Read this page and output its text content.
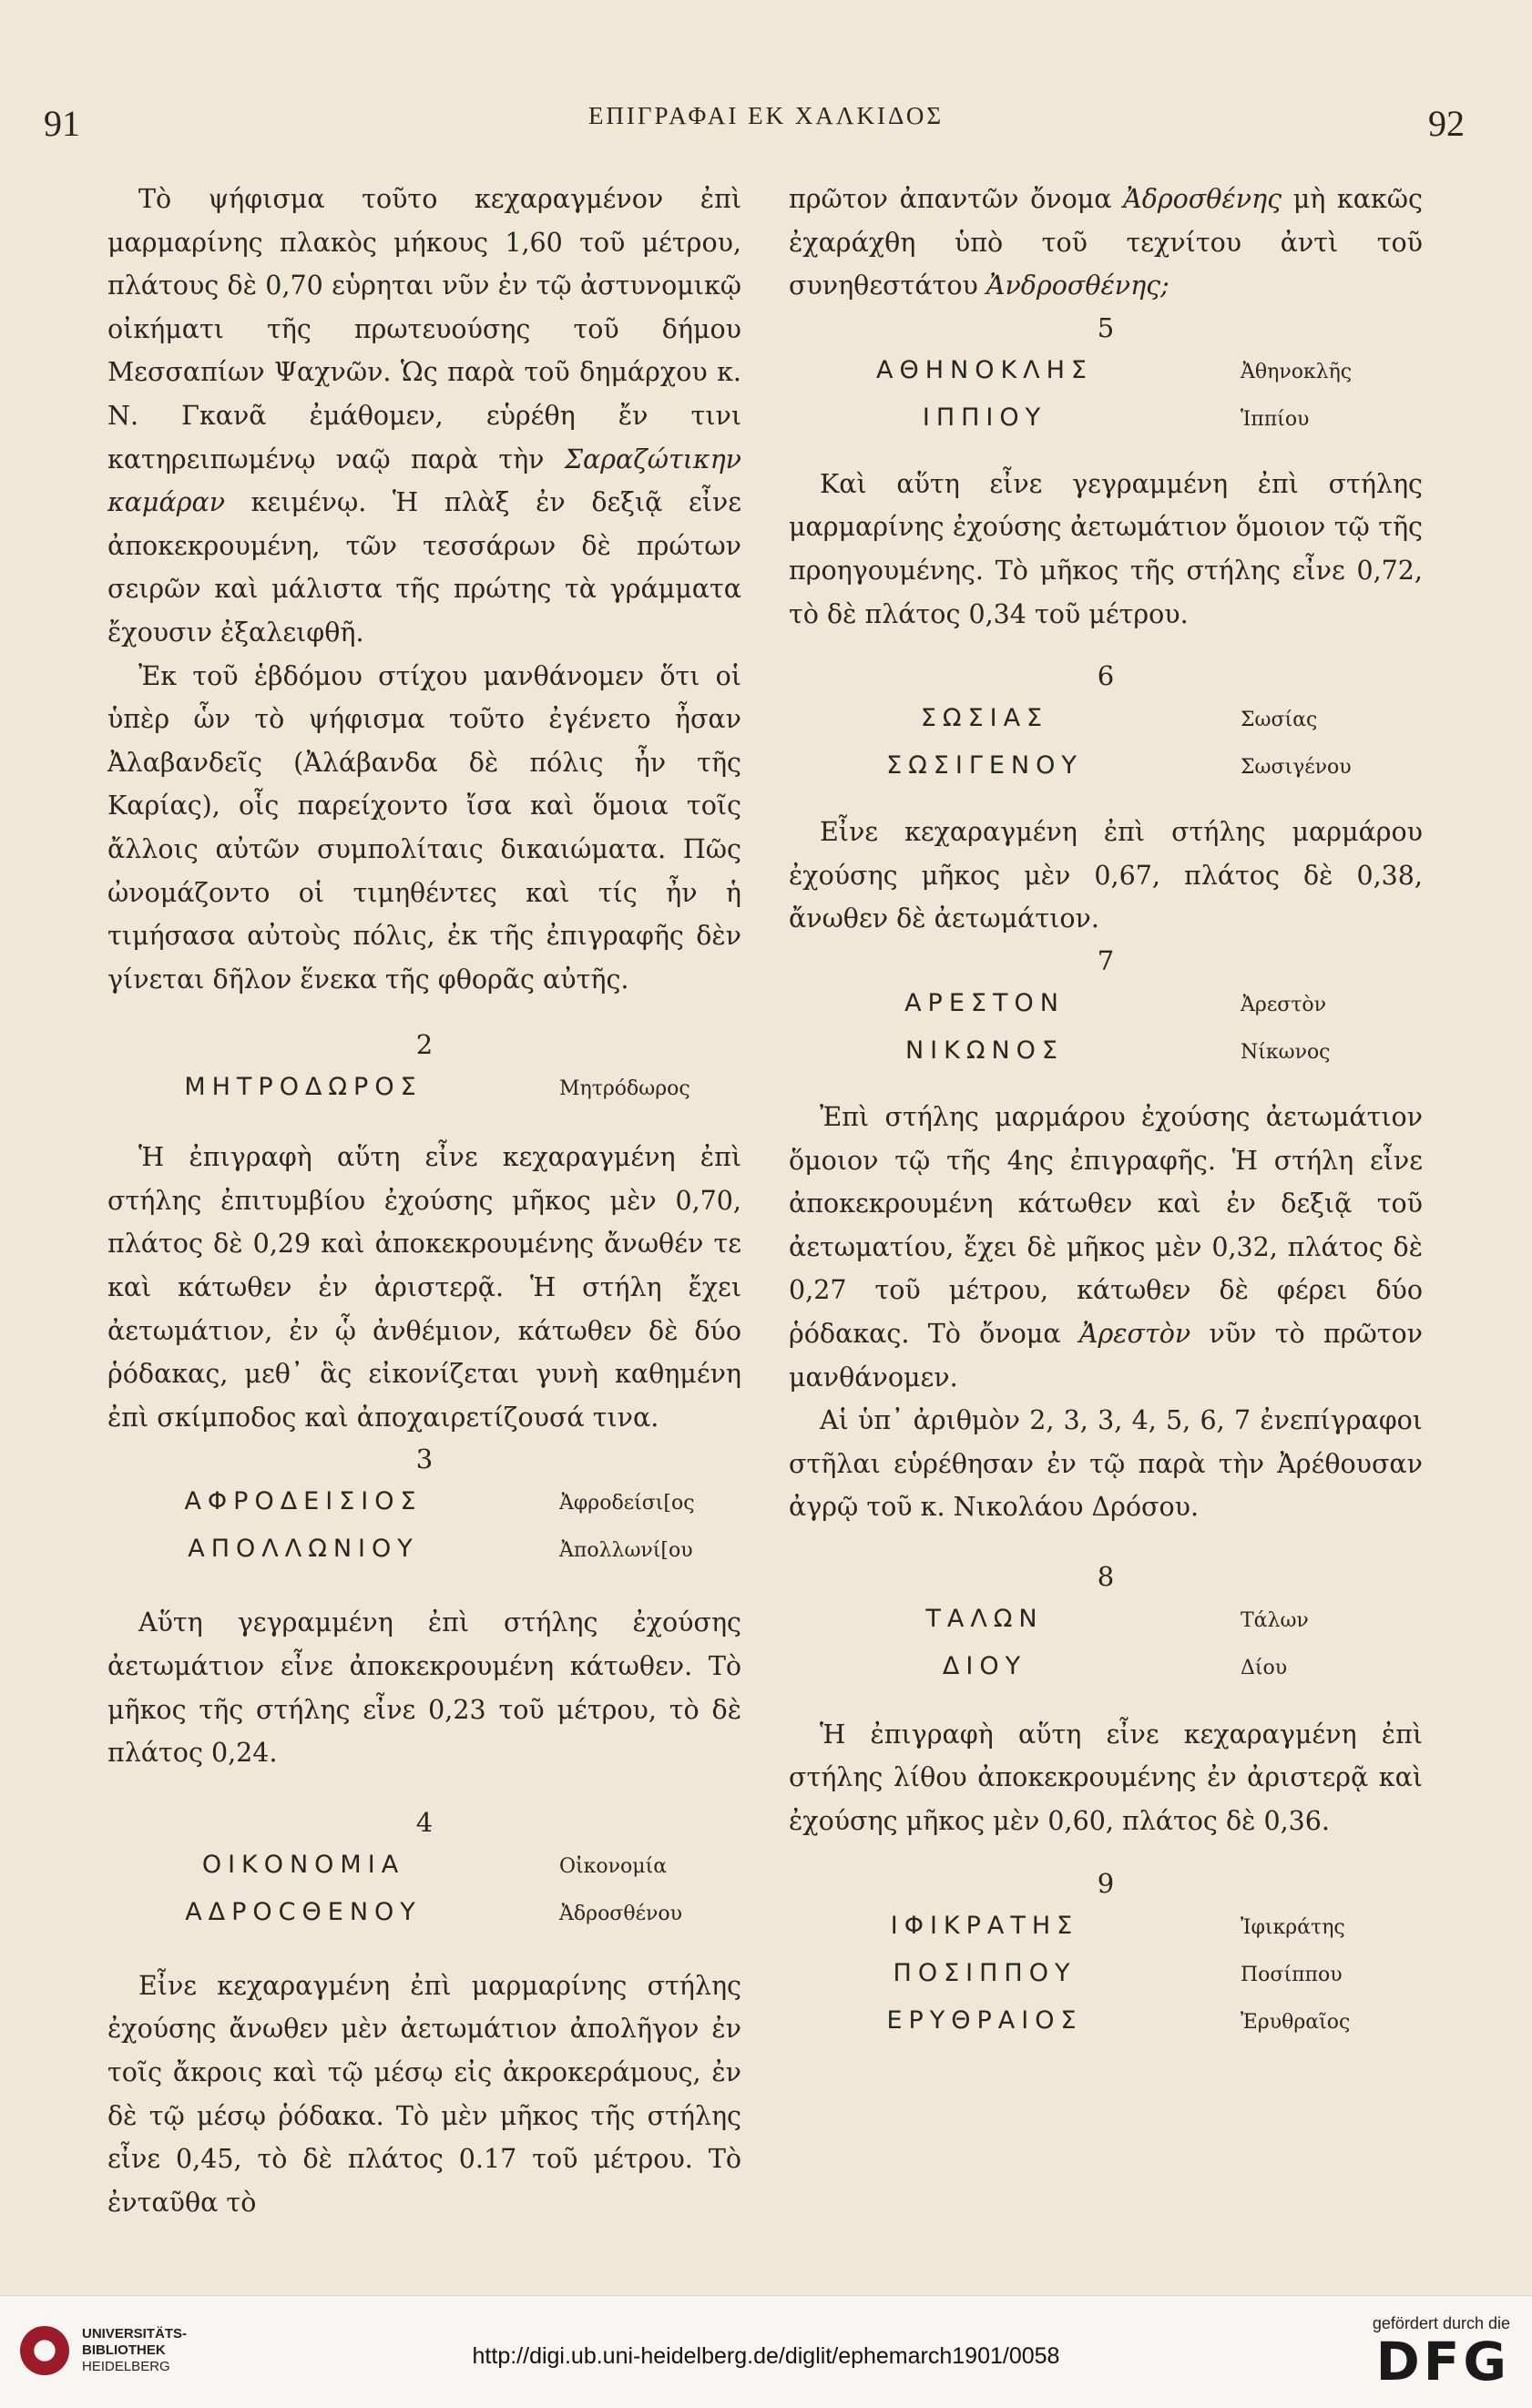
91	ΕΠΙΓΡΑΦΑΙ ΕΚ ΧΑΛΚΙΔΟΣ	92

Τὸ ψήφισμα τοῦτο κεχαραγμένον ἐπὶ μαρμαρίνης πλακὸς μήκους 1,60 τοῦ μέτρου, πλάτους δὲ 0,70 εὑρηται νῦν ἐν τῷ ἀστυνομικῷ οἰκήματι τῆς πρωτευούσης τοῦ δήμου Μεσσαπίων Ψαχνῶν. Ὡς παρὰ τοῦ δημάρχου κ. Ν. Γκανᾶ ἐμάθομεν, εὑρέθη ἔν τινι κατηρειπωμένῳ ναῷ παρὰ τὴν Σαραζώτικην καμάραν κειμένῳ. Ἡ πλὰξ ἐν δεξιᾷ εἶνε ἀποκεκρουμένη, τῶν τεσσάρων δὲ πρώτων σειρῶν καὶ μάλιστα τῆς πρώτης τὰ γράμματα ἔχουσιν ἐξαλειφθῆ.

Ἐκ τοῦ ἑβδόμου στίχου μανθάνομεν ὅτι οἱ ὑπὲρ ὧν τὸ ψήφισμα τοῦτο ἐγένετο ἦσαν Ἀλαβανδεῖς (Ἀλάβανδα δὲ πόλις ἦν τῆς Καρίας), οἷς παρείχοντο ἴσα καὶ ὅμοια τοῖς ἄλλοις αὐτῶν συμπολίταις δικαιώματα. Πῶς ὠνομάζοντο οἱ τιμηθέντες καὶ τίς ἦν ἡ τιμήσασα αὐτοὺς πόλις, ἐκ τῆς ἐπιγραφῆς δὲν γίνεται δῆλον ἕνεκα τῆς φθορᾶς αὐτῆς.

2
ΜΗΤΡΟΔΩΡΟΣ	Μητρόδωρος

Ἡ ἐπιγραφὴ αὕτη εἶνε κεχαραγμένη ἐπὶ στήλης ἐπιτυμβίου ἐχούσης μῆκος μὲν 0,70, πλάτος δὲ 0,29 καὶ ἀποκεκρουμένης ἄνωθέν τε καὶ κάτωθεν ἐν ἀριστερᾷ. Ἡ στήλη ἔχει ἀετωμάτιον, ἐν ᾧ ἀνθέμιον, κάτωθεν δὲ δύο ῥόδακας, μεθ᾽ ἃς εἰκονίζεται γυνὴ καθημένη ἐπὶ σκίμποδος καὶ ἀποχαιρετίζουσά τινα.

3
ΑΦΡΟΔΕΙΣΙΟΣ	Ἀφροδείσι[ος
ΑΠΟΛΛΩΝΙΟΥ	Ἀπολλωνί[ου

Αὕτη γεγραμμένη ἐπὶ στήλης ἐχούσης ἀετωμάτιον εἶνε ἀποκεκρουμένη κάτωθεν. Τὸ μῆκος τῆς στήλης εἶνε 0,23 τοῦ μέτρου, τὸ δὲ πλάτος 0,24.

4
ΟΙΚΟΝΟΜΙΑ	Οἰκονομία
ΑΔΡΟϹΘΕΝΟΥ	Ἀδροσθένου

Εἶνε κεχαραγμένη ἐπὶ μαρμαρίνης στήλης ἐχούσης ἄνωθεν μὲν ἀετωμάτιον ἀπολῆγον ἐν τοῖς ἄκροις καὶ τῷ μέσῳ εἰς ἀκροκεράμους, ἐν δὲ τῷ μέσῳ ῥόδακα. Τὸ μὲν μῆκος τῆς στήλης εἶνε 0,45, τὸ δὲ πλάτος 0.17 τοῦ μέτρου. Τὸ ἐνταῦθα τὸ

πρῶτον ἀπαντῶν ὄνομα Ἀδροσθένης μὴ κακῶς ἐχαράχθη ὑπὸ τοῦ τεχνίτου ἀντὶ τοῦ συνηθεστάτου Ἀνδροσθένης;

5
ΑΘΗΝΟΚΛΗΣ	Ἀθηνοκλῆς
ΙΠΠΙΟΥ	Ἱππίου

Καὶ αὕτη εἶνε γεγραμμένη ἐπὶ στήλης μαρμαρίνης ἐχούσης ἀετωμάτιον ὅμοιον τῷ τῆς προηγουμένης. Τὸ μῆκος τῆς στήλης εἶνε 0,72, τὸ δὲ πλάτος 0,34 τοῦ μέτρου.

6
ΣΩΣΙΑΣ	Σωσίας
ΣΩΣΙΓΕΝΟΥ	Σωσιγένου

Εἶνε κεχαραγμένη ἐπὶ στήλης μαρμάρου ἐχούσης μῆκος μὲν 0,67, πλάτος δὲ 0,38, ἄνωθεν δὲ ἀετωμάτιον.

7
ΑΡΕΣΤΟΝ	Ἀρεστὸν
ΝΙΚΩΝΟΣ	Νίκωνος

Ἐπὶ στήλης μαρμάρου ἐχούσης ἀετωμάτιον ὅμοιον τῷ τῆς 4ης ἐπιγραφῆς. Ἡ στήλη εἶνε ἀποκεκρουμένη κάτωθεν καὶ ἐν δεξιᾷ τοῦ ἀετωματίου, ἔχει δὲ μῆκος μὲν 0,32, πλάτος δὲ 0,27 τοῦ μέτρου, κάτωθεν δὲ φέρει δύο ῥόδακας. Τὸ ὄνομα Ἀρεστὸν νῦν τὸ πρῶτον μανθάνομεν.

Αἱ ὑπ᾽ ἀριθμὸν 2, 3, 3, 4, 5, 6, 7 ἐνεπίγραφοι στῆλαι εὑρέθησαν ἐν τῷ παρὰ τὴν Ἀρέθουσαν ἀγρῷ τοῦ κ. Νικολάου Δρόσου.

8
ΤΑΛΩΝ	Τάλων
ΔΙΟΥ	Δίου

Ἡ ἐπιγραφὴ αὕτη εἶνε κεχαραγμένη ἐπὶ στήλης λίθου ἀποκεκρουμένης ἐν ἀριστερᾷ καὶ ἐχούσης μῆκος μὲν 0,60, πλάτος δὲ 0,36.

9
ΙΦΙΚΡΑΤΗΣ	Ἰφικράτης
ΠΟΣΙΠΠΟΥ	Ποσίππου
ΕΡΥΘΡΑΙΟΣ	Ἐρυθραῖος
UNIVERSITÄTS-
BIBLIOTHEK
HEIDELBERG	http://digi.ub.uni-heidelberg.de/diglit/ephemarch1901/0058
gefördert durch die
DFG
